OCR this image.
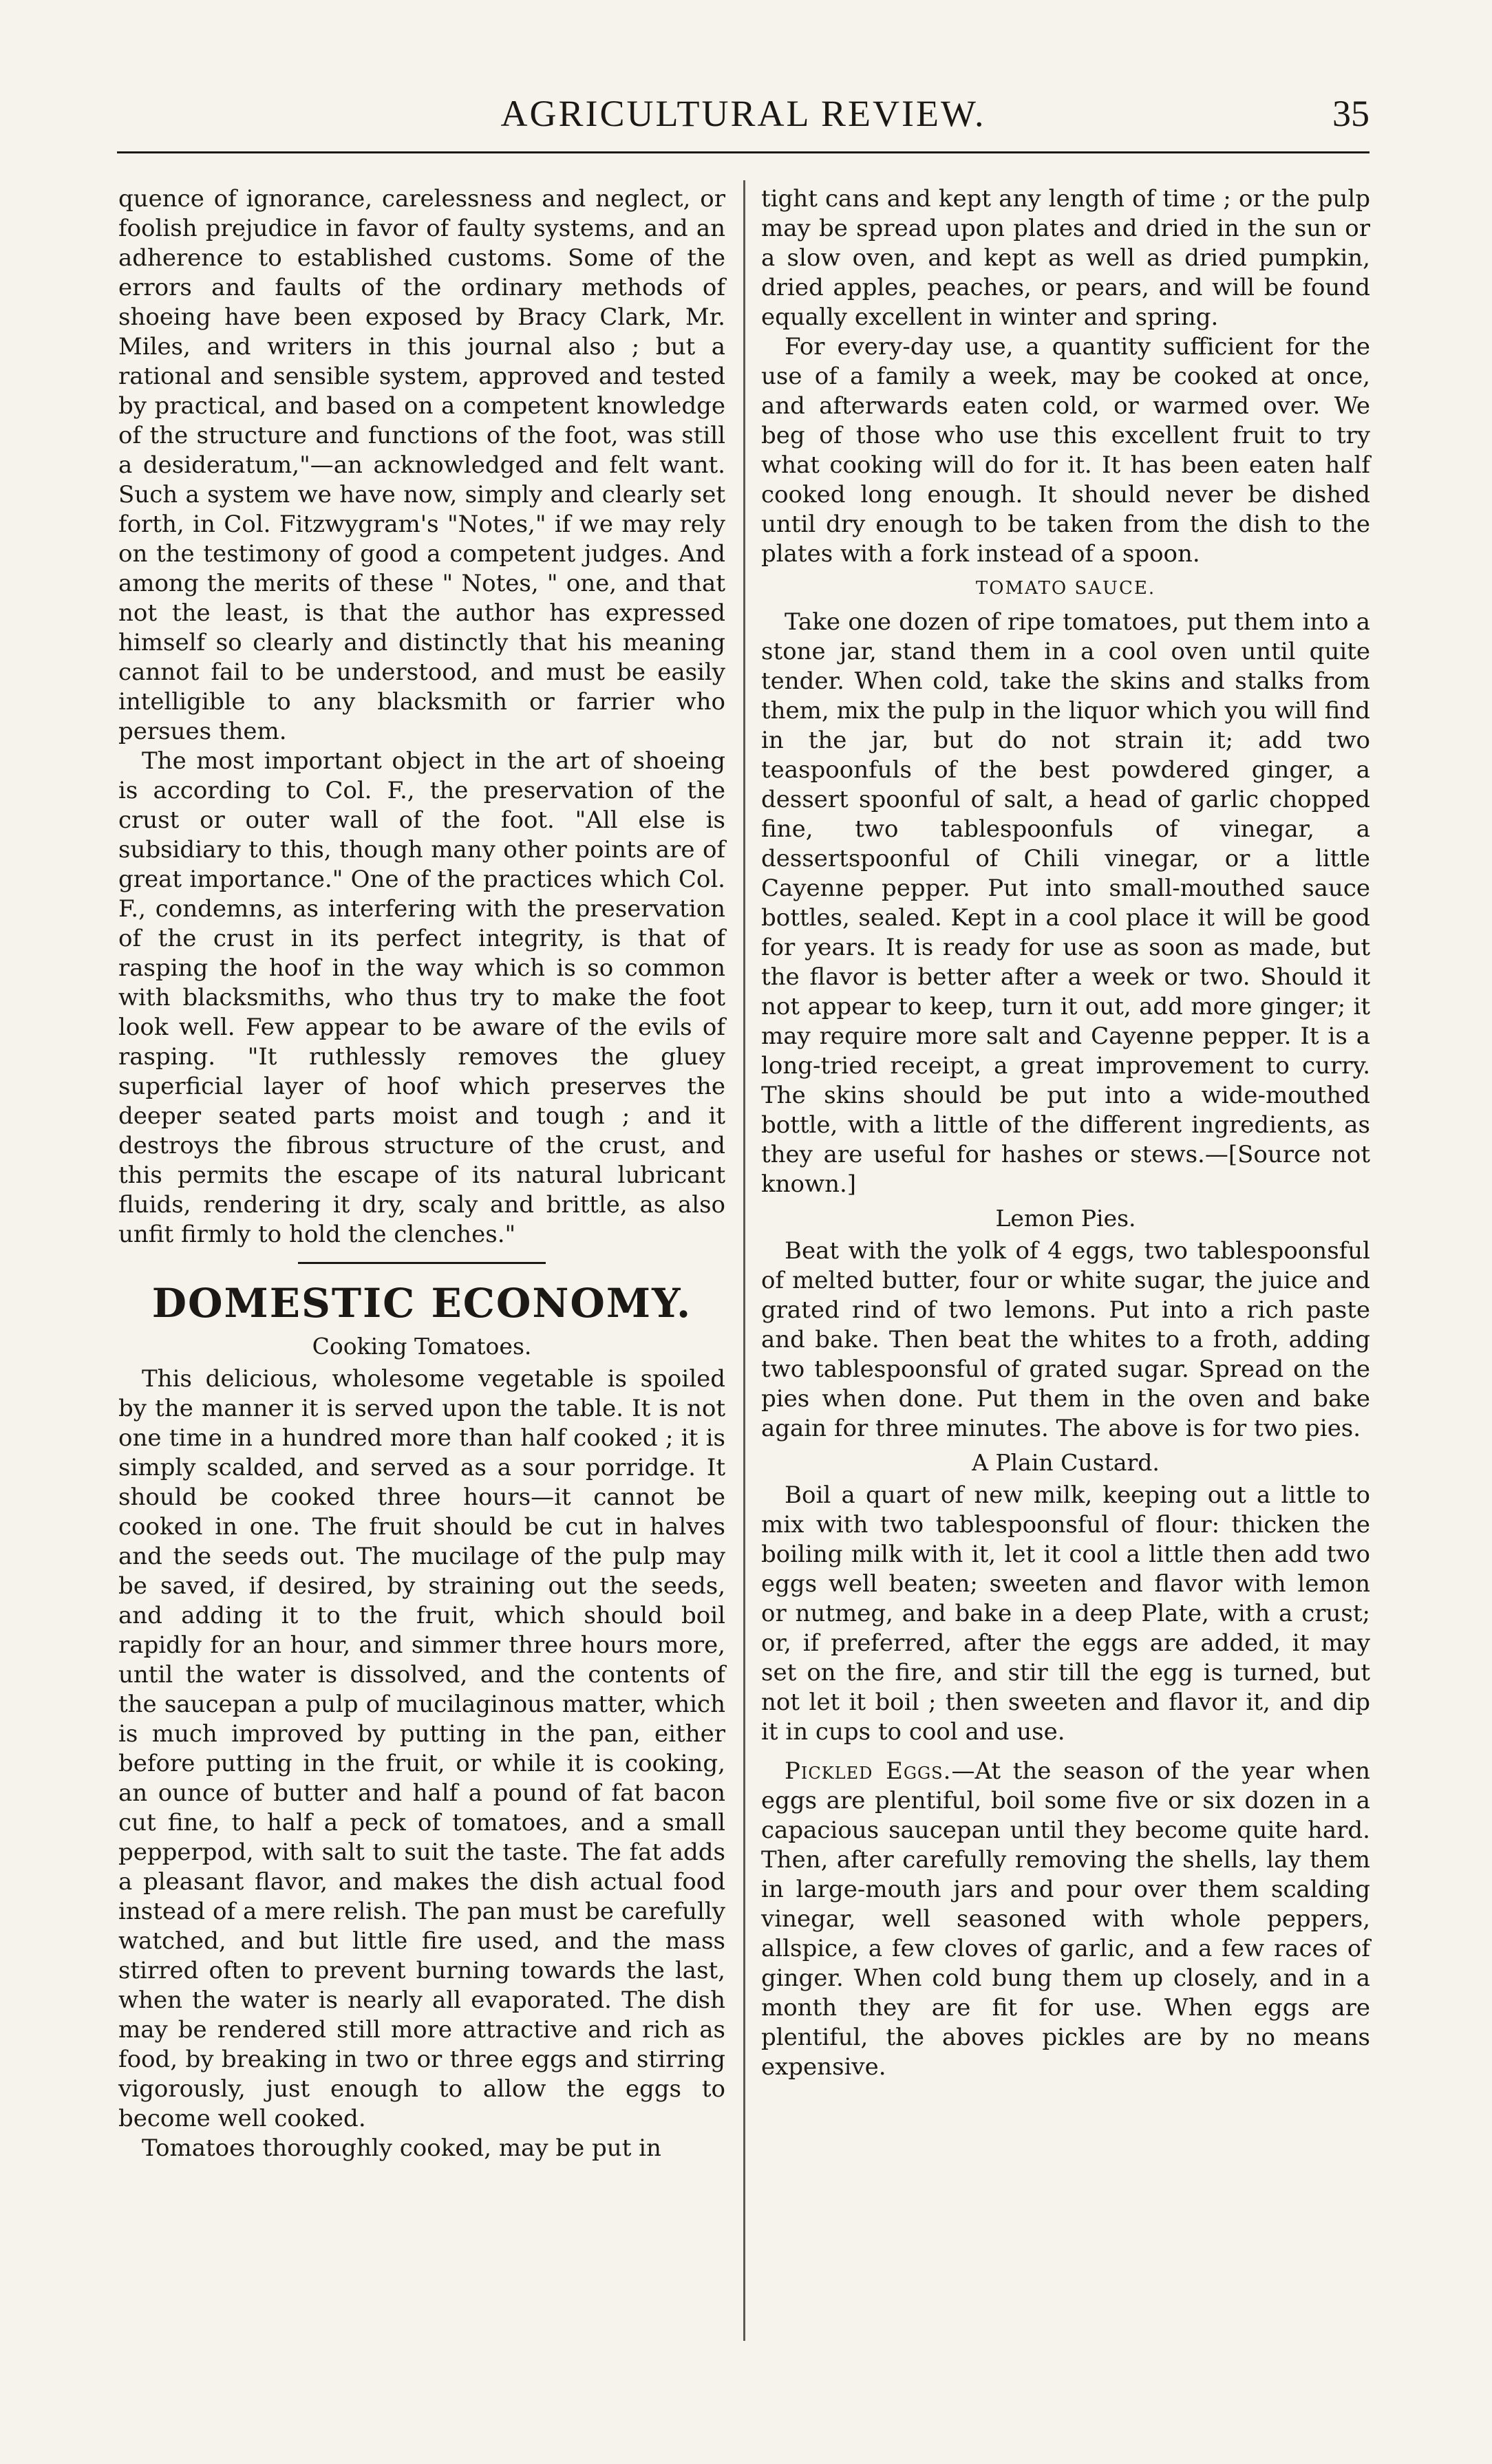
AGRICULTURAL REVIEW.	35

quence of ignorance, carelessness and neglect, or foolish prejudice in favor of faulty systems, and an adherence to established customs. Some of the errors and faults of the ordinary methods of shoeing have been exposed by Bracy Clark, Mr. Miles, and writers in this journal also ; but a rational and sensible system, approved and tested by practical, and based on a competent knowledge of the structure and functions of the foot, was still a desideratum,"—an acknowledged and felt want. Such a system we have now, simply and clearly set forth, in Col. Fitzwygram's "Notes," if we may rely on the testimony of good a competent judges. And among the merits of these " Notes, " one, and that not the least, is that the author has expressed himself so clearly and distinctly that his meaning cannot fail to be understood, and must be easily intelligible to any blacksmith or farrier who persues them.

The most important object in the art of shoeing is according to Col. F., the preservation of the crust or outer wall of the foot. "All else is subsidiary to this, though many other points are of great importance." One of the practices which Col. F., condemns, as interfering with the preservation of the crust in its perfect integrity, is that of rasping the hoof in the way which is so common with blacksmiths, who thus try to make the foot look well. Few appear to be aware of the evils of rasping. "It ruthlessly removes the gluey superficial layer of hoof which preserves the deeper seated parts moist and tough ; and it destroys the fibrous structure of the crust, and this permits the escape of its natural lubricant fluids, rendering it dry, scaly and brittle, as also unfit firmly to hold the clenches."

DOMESTIC ECONOMY.
Cooking Tomatoes.

This delicious, wholesome vegetable is spoiled by the manner it is served upon the table. It is not one time in a hundred more than half cooked ; it is simply scalded, and served as a sour porridge. It should be cooked three hours—it cannot be cooked in one. The fruit should be cut in halves and the seeds out. The mucilage of the pulp may be saved, if desired, by straining out the seeds, and adding it to the fruit, which should boil rapidly for an hour, and simmer three hours more, until the water is dissolved, and the contents of the saucepan a pulp of mucilaginous matter, which is much improved by putting in the pan, either before putting in the fruit, or while it is cooking, an ounce of butter and half a pound of fat bacon cut fine, to half a peck of tomatoes, and a small pepperpod, with salt to suit the taste. The fat adds a pleasant flavor, and makes the dish actual food instead of a mere relish. The pan must be carefully watched, and but little fire used, and the mass stirred often to prevent burning towards the last, when the water is nearly all evaporated. The dish may be rendered still more attractive and rich as food, by breaking in two or three eggs and stirring vigorously, just enough to allow the eggs to become well cooked.

Tomatoes thoroughly cooked, may be put in

tight cans and kept any length of time ; or the pulp may be spread upon plates and dried in the sun or a slow oven, and kept as well as dried pumpkin, dried apples, peaches, or pears, and will be found equally excellent in winter and spring.

For every-day use, a quantity sufficient for the use of a family a week, may be cooked at once, and afterwards eaten cold, or warmed over. We beg of those who use this excellent fruit to try what cooking will do for it. It has been eaten half cooked long enough. It should never be dished until dry enough to be taken from the dish to the plates with a fork instead of a spoon.

TOMATO SAUCE.

Take one dozen of ripe tomatoes, put them into a stone jar, stand them in a cool oven until quite tender. When cold, take the skins and stalks from them, mix the pulp in the liquor which you will find in the jar, but do not strain it; add two teaspoonfuls of the best powdered ginger, a dessert spoonful of salt, a head of garlic chopped fine, two tablespoonfuls of vinegar, a dessertspoonful of Chili vinegar, or a little Cayenne pepper. Put into small-mouthed sauce bottles, sealed. Kept in a cool place it will be good for years. It is ready for use as soon as made, but the flavor is better after a week or two. Should it not appear to keep, turn it out, add more ginger; it may require more salt and Cayenne pepper. It is a long-tried receipt, a great improvement to curry. The skins should be put into a wide-mouthed bottle, with a little of the different ingredients, as they are useful for hashes or stews.—[Source not known.]

Lemon Pies.

Beat with the yolk of 4 eggs, two tablespoonsful of melted butter, four or white sugar, the juice and grated rind of two lemons. Put into a rich paste and bake. Then beat the whites to a froth, adding two tablespoonsful of grated sugar. Spread on the pies when done. Put them in the oven and bake again for three minutes. The above is for two pies.

A Plain Custard.

Boil a quart of new milk, keeping out a little to mix with two tablespoonsful of flour: thicken the boiling milk with it, let it cool a little then add two eggs well beaten; sweeten and flavor with lemon or nutmeg, and bake in a deep Plate, with a crust; or, if preferred, after the eggs are added, it may set on the fire, and stir till the egg is turned, but not let it boil ; then sweeten and flavor it, and dip it in cups to cool and use.

Pickled Eggs.—At the season of the year when eggs are plentiful, boil some five or six dozen in a capacious saucepan until they become quite hard. Then, after carefully removing the shells, lay them in large-mouth jars and pour over them scalding vinegar, well seasoned with whole peppers, allspice, a few cloves of garlic, and a few races of ginger. When cold bung them up closely, and in a month they are fit for use. When eggs are plentiful, the aboves pickles are by no means expensive.
